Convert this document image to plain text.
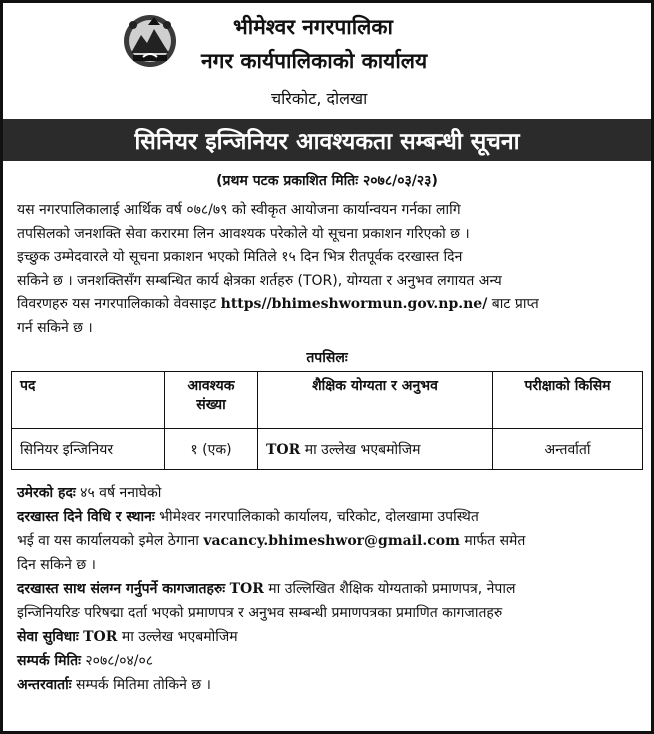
भीमेश्वर नगरपालिका
नगर कार्यपालिकाको कार्यालय
चरिकोट, दोलखा
सिनियर इन्जिनियर आवश्यकता सम्बन्धी सूचना
(प्रथम पटक प्रकाशित मितिः २०७८/०३/२३)
यस नगरपालिकालाई आर्थिक वर्ष ०७८/७९ को स्वीकृत आयोजना कार्यान्वयन गर्नका लागि
तपसिलको जनशक्ति सेवा करारमा लिन आवश्यक परेकोले यो सूचना प्रकाशन गरिएको छ ।
इच्छुक उम्मेदवारले यो सूचना प्रकाशन भएको मितिले १५ दिन भित्र रीतपूर्वक दरखास्त दिन
सकिने छ । जनशक्तिसँग सम्बन्धित कार्य क्षेत्रका शर्तहरु (TOR), योग्यता र अनुभव लगायत अन्य
विवरणहरु यस नगरपालिकाको वेवसाइट https//bhimeshwormun.gov.np.ne/ बाट प्राप्त
गर्न सकिने छ ।
तपसिलः
पद	आवश्यक संख्या	शैक्षिक योग्यता र अनुभव	परीक्षाको किसिम
सिनियर इन्जिनियर	१ (एक)	TOR मा उल्लेख भएबमोजिम	अन्तर्वार्ता
उमेरको हदः ४५ वर्ष ननाघेको
दरखास्त दिने विधि र स्थानः भीमेश्वर नगरपालिकाको कार्यालय, चरिकोट, दोलखामा उपस्थित
भई वा यस कार्यालयको इमेल ठेगाना vacancy.bhimeshwor@gmail.com मार्फत समेत
दिन सकिने छ ।
दरखास्त साथ संलग्न गर्नुपर्ने कागजातहरुः TOR मा उल्लिखित शैक्षिक योग्यताको प्रमाणपत्र, नेपाल
इन्जिनियरिङ परिषद्मा दर्ता भएको प्रमाणपत्र र अनुभव सम्बन्धी प्रमाणपत्रका प्रमाणित कागजातहरु
सेवा सुविधाः TOR मा उल्लेख भएबमोजिम
सम्पर्क मितिः २०७८/०४/०८
अन्तरवार्ताः सम्पर्क मितिमा तोकिने छ ।
